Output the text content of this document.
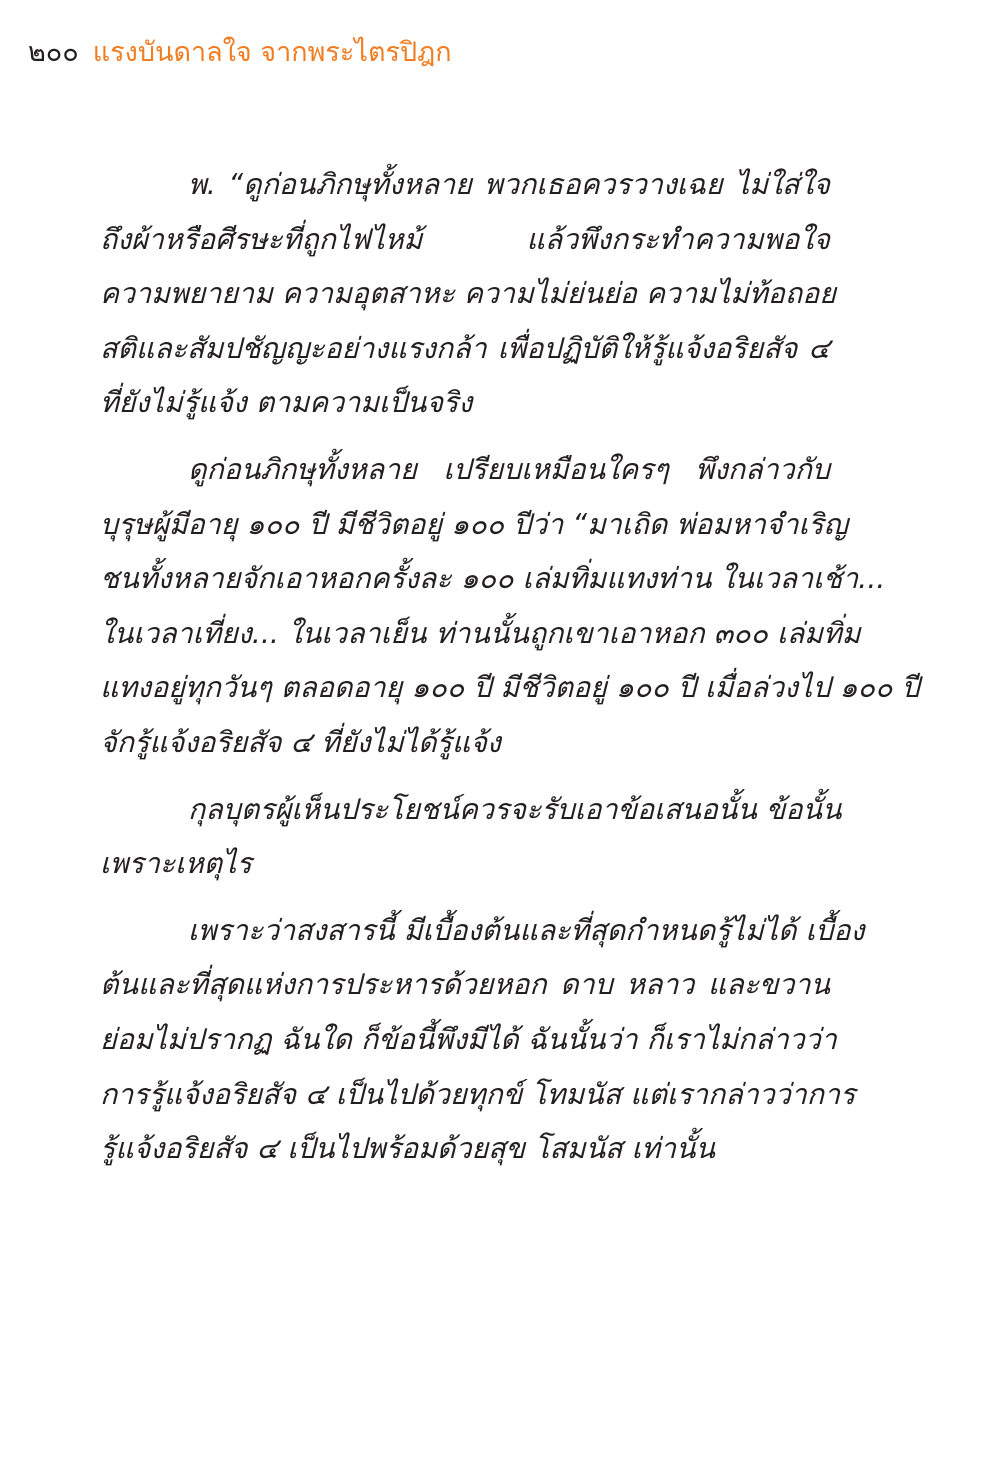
๒๐๐ แรงบันดาลใจ จากพระไตรปิฎก
พ. “ดูก่อนภิกษุทั้งหลาย พวกเธอควรวางเฉย ไม่ใส่ใจ
ถึงผ้าหรือศีรษะที่ถูกไฟไหม้ แล้วพึงกระทำความพอใจ
ความพยายาม ความอุตสาหะ ความไม่ย่นย่อ ความไม่ท้อถอย
สติและสัมปชัญญะอย่างแรงกล้า เพื่อปฏิบัติให้รู้แจ้งอริยสัจ ๔
ที่ยังไม่รู้แจ้ง ตามความเป็นจริง
ดูก่อนภิกษุทั้งหลาย เปรียบเหมือนใครๆ พึงกล่าวกับ
บุรุษผู้มีอายุ ๑๐๐ ปี มีชีวิตอยู่ ๑๐๐ ปีว่า “มาเถิด พ่อมหาจำเริญ
ชนทั้งหลายจักเอาหอกครั้งละ ๑๐๐ เล่มทิ่มแทงท่าน ในเวลาเช้า...
ในเวลาเที่ยง... ในเวลาเย็น ท่านนั้นถูกเขาเอาหอก ๓๐๐ เล่มทิ่ม
แทงอยู่ทุกวันๆ ตลอดอายุ ๑๐๐ ปี มีชีวิตอยู่ ๑๐๐ ปี เมื่อล่วงไป ๑๐๐ ปี
จักรู้แจ้งอริยสัจ ๔ ที่ยังไม่ได้รู้แจ้ง
กุลบุตรผู้เห็นประโยชน์ควรจะรับเอาข้อเสนอนั้น ข้อนั้น
เพราะเหตุไร
เพราะว่าสงสารนี้ มีเบื้องต้นและที่สุดกำหนดรู้ไม่ได้ เบื้อง
ต้นและที่สุดแห่งการประหารด้วยหอก ดาบ หลาว และขวาน
ย่อมไม่ปรากฏ ฉันใด ก็ข้อนี้พึงมีได้ ฉันนั้นว่า ก็เราไม่กล่าวว่า
การรู้แจ้งอริยสัจ ๔ เป็นไปด้วยทุกข์ โทมนัส แต่เรากล่าวว่าการ
รู้แจ้งอริยสัจ ๔ เป็นไปพร้อมด้วยสุข โสมนัส เท่านั้น
